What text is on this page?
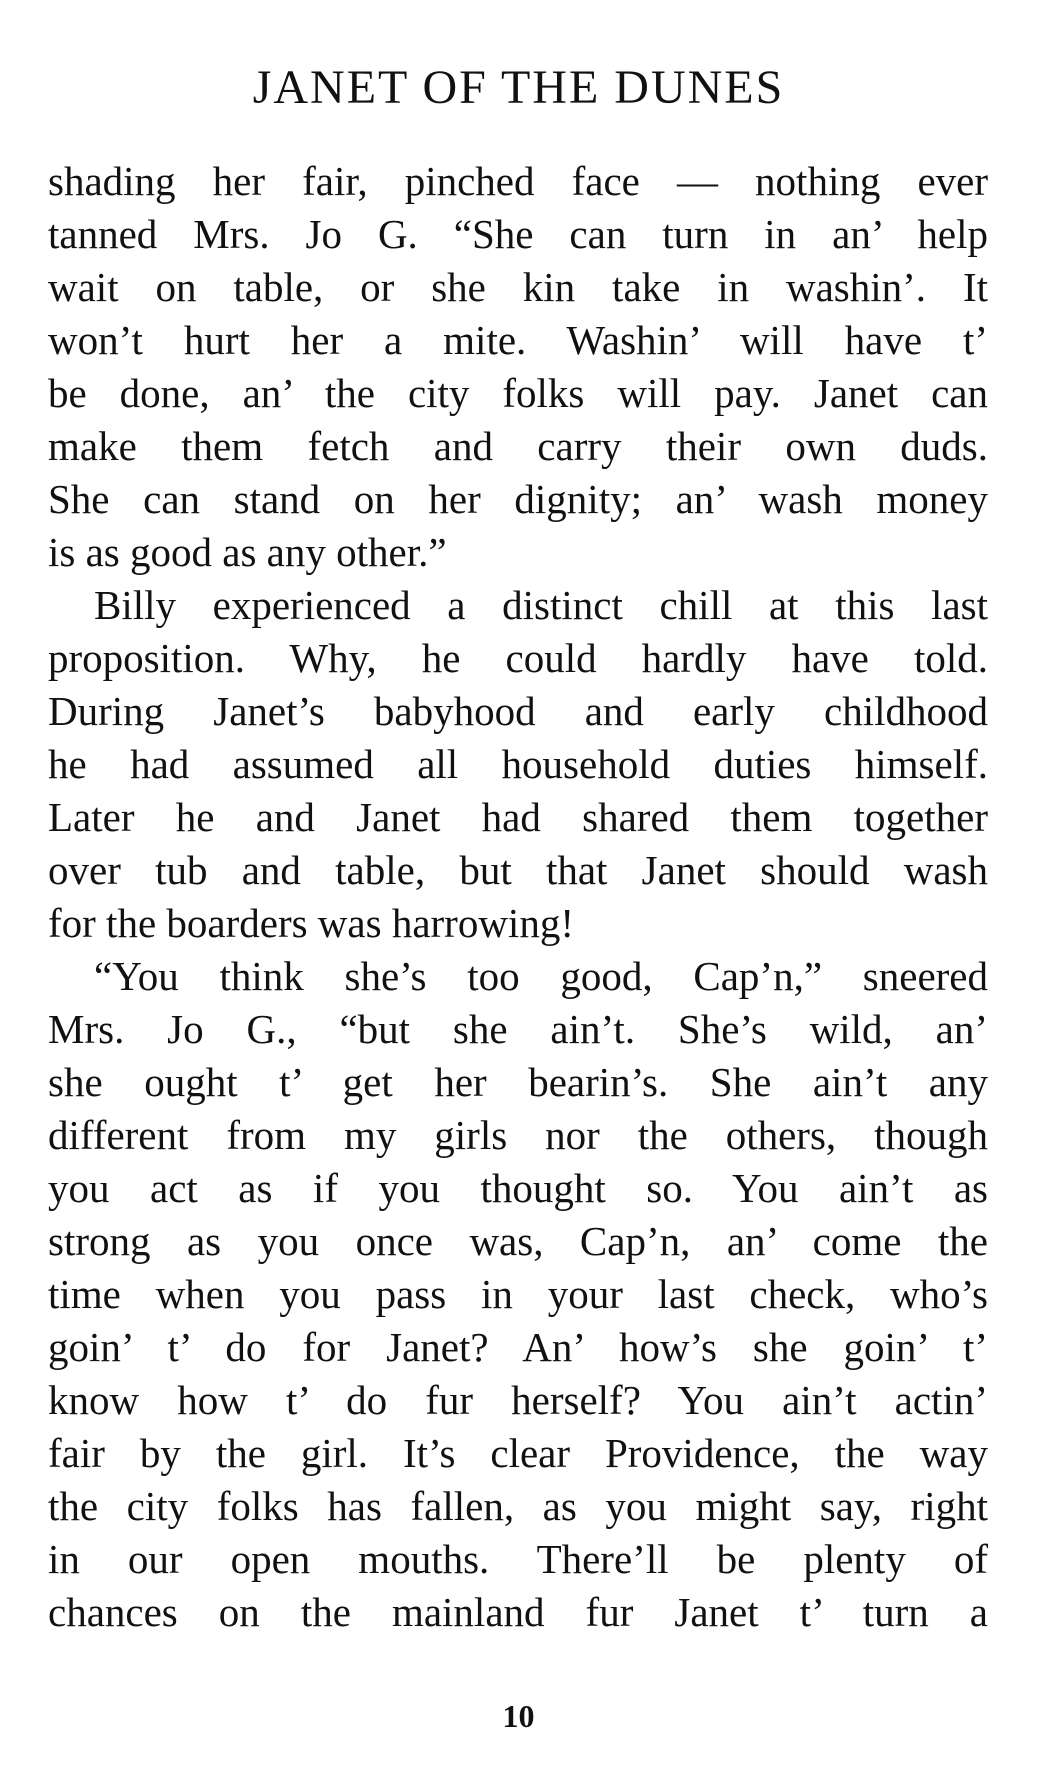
JANET OF THE DUNES
shading her fair, pinched face — nothing ever
tanned Mrs. Jo G. “She can turn in an’ help
wait on table, or she kin take in washin’. It
won’t hurt her a mite. Washin’ will have t’
be done, an’ the city folks will pay. Janet can
make them fetch and carry their own duds.
She can stand on her dignity; an’ wash money
is as good as any other.”
Billy experienced a distinct chill at this last
proposition. Why, he could hardly have told.
During Janet’s babyhood and early childhood
he had assumed all household duties himself.
Later he and Janet had shared them together
over tub and table, but that Janet should wash
for the boarders was harrowing!
“You think she’s too good, Cap’n,” sneered
Mrs. Jo G., “but she ain’t. She’s wild, an’
she ought t’ get her bearin’s. She ain’t any
different from my girls nor the others, though
you act as if you thought so. You ain’t as
strong as you once was, Cap’n, an’ come the
time when you pass in your last check, who’s
goin’ t’ do for Janet? An’ how’s she goin’ t’
know how t’ do fur herself? You ain’t actin’
fair by the girl. It’s clear Providence, the way
the city folks has fallen, as you might say, right
in our open mouths. There’ll be plenty of
chances on the mainland fur Janet t’ turn a
10
